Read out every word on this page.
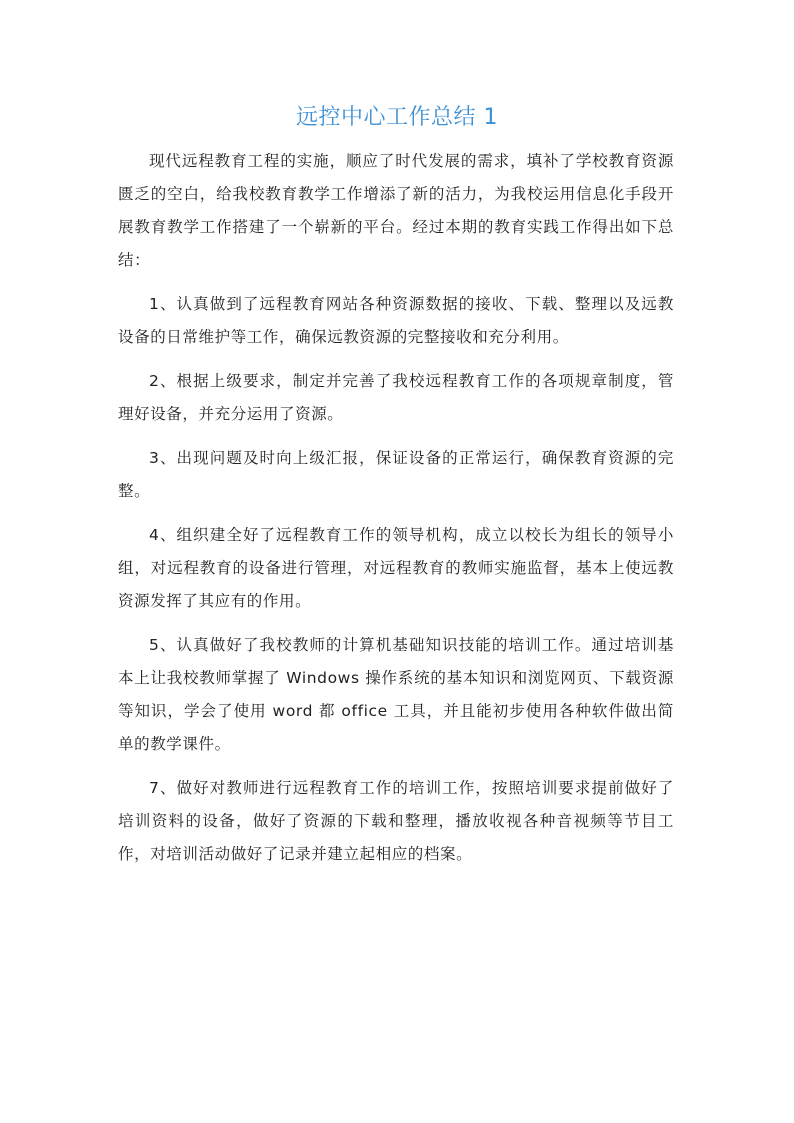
远控中心工作总结 1

现代远程教育工程的实施，顺应了时代发展的需求，填补了学校教育资源匮乏的空白，给我校教育教学工作增添了新的活力，为我校运用信息化手段开展教育教学工作搭建了一个崭新的平台。经过本期的教育实践工作得出如下总结：

1、认真做到了远程教育网站各种资源数据的接收、下载、整理以及远教设备的日常维护等工作，确保远教资源的完整接收和充分利用。

2、根据上级要求，制定并完善了我校远程教育工作的各项规章制度，管理好设备，并充分运用了资源。

3、出现问题及时向上级汇报，保证设备的正常运行，确保教育资源的完整。

4、组织建全好了远程教育工作的领导机构，成立以校长为组长的领导小组，对远程教育的设备进行管理，对远程教育的教师实施监督，基本上使远教资源发挥了其应有的作用。

5、认真做好了我校教师的计算机基础知识技能的培训工作。通过培训基本上让我校教师掌握了 Windows 操作系统的基本知识和浏览网页、下载资源等知识，学会了使用 word 都 office 工具，并且能初步使用各种软件做出简单的教学课件。

7、做好对教师进行远程教育工作的培训工作，按照培训要求提前做好了培训资料的设备，做好了资源的下载和整理，播放收视各种音视频等节目工作，对培训活动做好了记录并建立起相应的档案。
